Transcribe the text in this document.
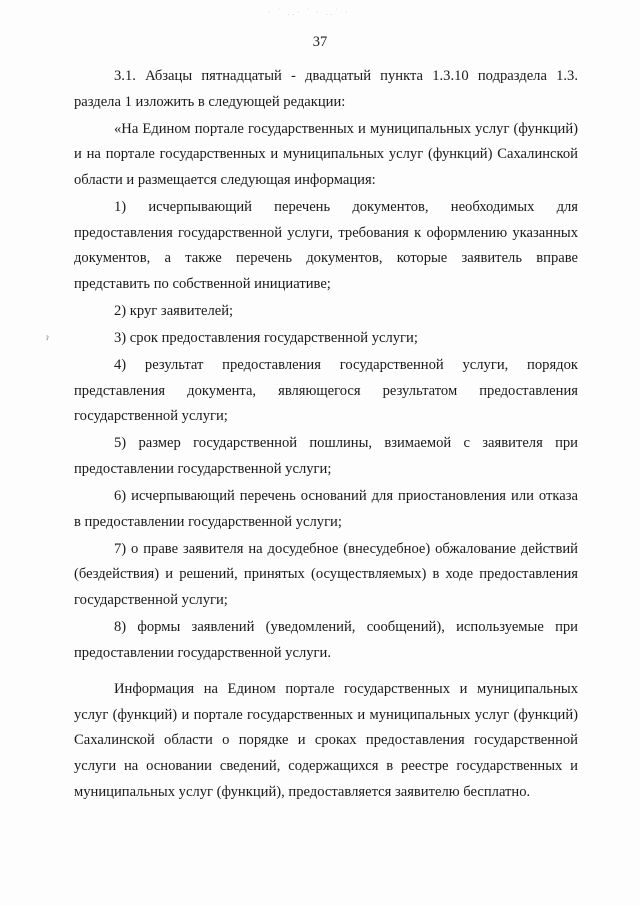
· ˙ ..· ˙ · ..˙ ·
ˀ
37

3.1. Абзацы пятнадцатый - двадцатый пункта 1.3.10 подраздела 1.3. раздела 1 изложить в следующей редакции:

«На Едином портале государственных и муниципальных услуг (функций) и на портале государственных и муниципальных услуг (функций) Сахалинской области и размещается следующая информация:

1) исчерпывающий перечень документов, необходимых для предоставления государственной услуги, требования к оформлению указанных документов, а также перечень документов, которые заявитель вправе представить по собственной инициативе;

2) круг заявителей;

3) срок предоставления государственной услуги;

4) результат предоставления государственной услуги, порядок представления документа, являющегося результатом предоставления государственной услуги;

5) размер государственной пошлины, взимаемой с заявителя при предоставлении государственной услуги;

6) исчерпывающий перечень оснований для приостановления или отказа в предоставлении государственной услуги;

7) о праве заявителя на досудебное (внесудебное) обжалование действий (бездействия) и решений, принятых (осуществляемых) в ходе предоставления государственной услуги;

8) формы заявлений (уведомлений, сообщений), используемые при предоставлении государственной услуги.

Информация на Едином портале государственных и муниципальных услуг (функций) и портале государственных и муниципальных услуг (функций) Сахалинской области о порядке и сроках предоставления государственной услуги на основании сведений, содержащихся в реестре государственных и муниципальных услуг (функций), предоставляется заявителю бесплатно.
